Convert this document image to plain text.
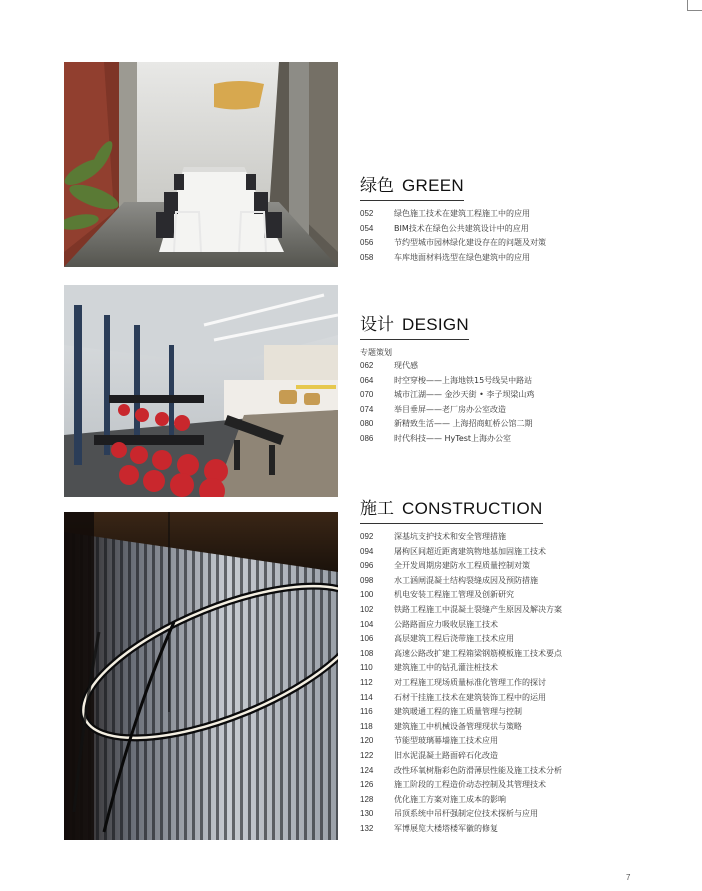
绿色 GREEN
052	绿色施工技术在建筑工程施工中的应用
054	BIM技术在绿色公共建筑设计中的应用
056	节约型城市园林绿化建设存在的问题及对策
058	车库地面材料选型在绿色建筑中的应用
设计 DESIGN
专题策划
062	现代感
064	时空穿梭——上海地铁15号线吴中路站
070	城市江湖—— 金沙天街 • 李子坝梁山鸡
074	举目垂屏——老厂房办公室改造
080	新精致生活—— 上海招商虹桥公馆二期
086	时代科技—— HyTest上海办公室
施工 CONSTRUCTION
092	深基坑支护技术和安全管理措施
094	屠枸区间超近距离建筑物地基加固施工技术
096	全开发周期房建防水工程质量控制对策
098	水工涵闸混凝土结构裂缝成因及预防措施
100	机电安装工程施工管理及创新研究
102	铁路工程施工中混凝土裂缝产生原因及解决方案
104	公路路面应力吸收层施工技术
106	高层建筑工程后浇带施工技术应用
108	高速公路改扩建工程箱梁钢筋模板施工技术要点
110	建筑施工中的钻孔灌注桩技术
112	对工程施工现场质量标准化管理工作的探讨
114	石材干挂施工技术在建筑装饰工程中的运用
116	建筑暖通工程的施工质量管理与控制
118	建筑施工中机械设备管理现状与策略
120	节能型玻璃幕墙施工技术应用
122	旧水泥混凝土路面碎石化改造
124	改性环氧树脂彩色防滑薄层性能及施工技术分析
126	施工阶段的工程造价动态控制及其管理技术
128	优化施工方案对施工成本的影响
130	吊顶系统中吊杆强制定位技术探析与应用
132	军博展览大楼塔楼军徽的修复
7
